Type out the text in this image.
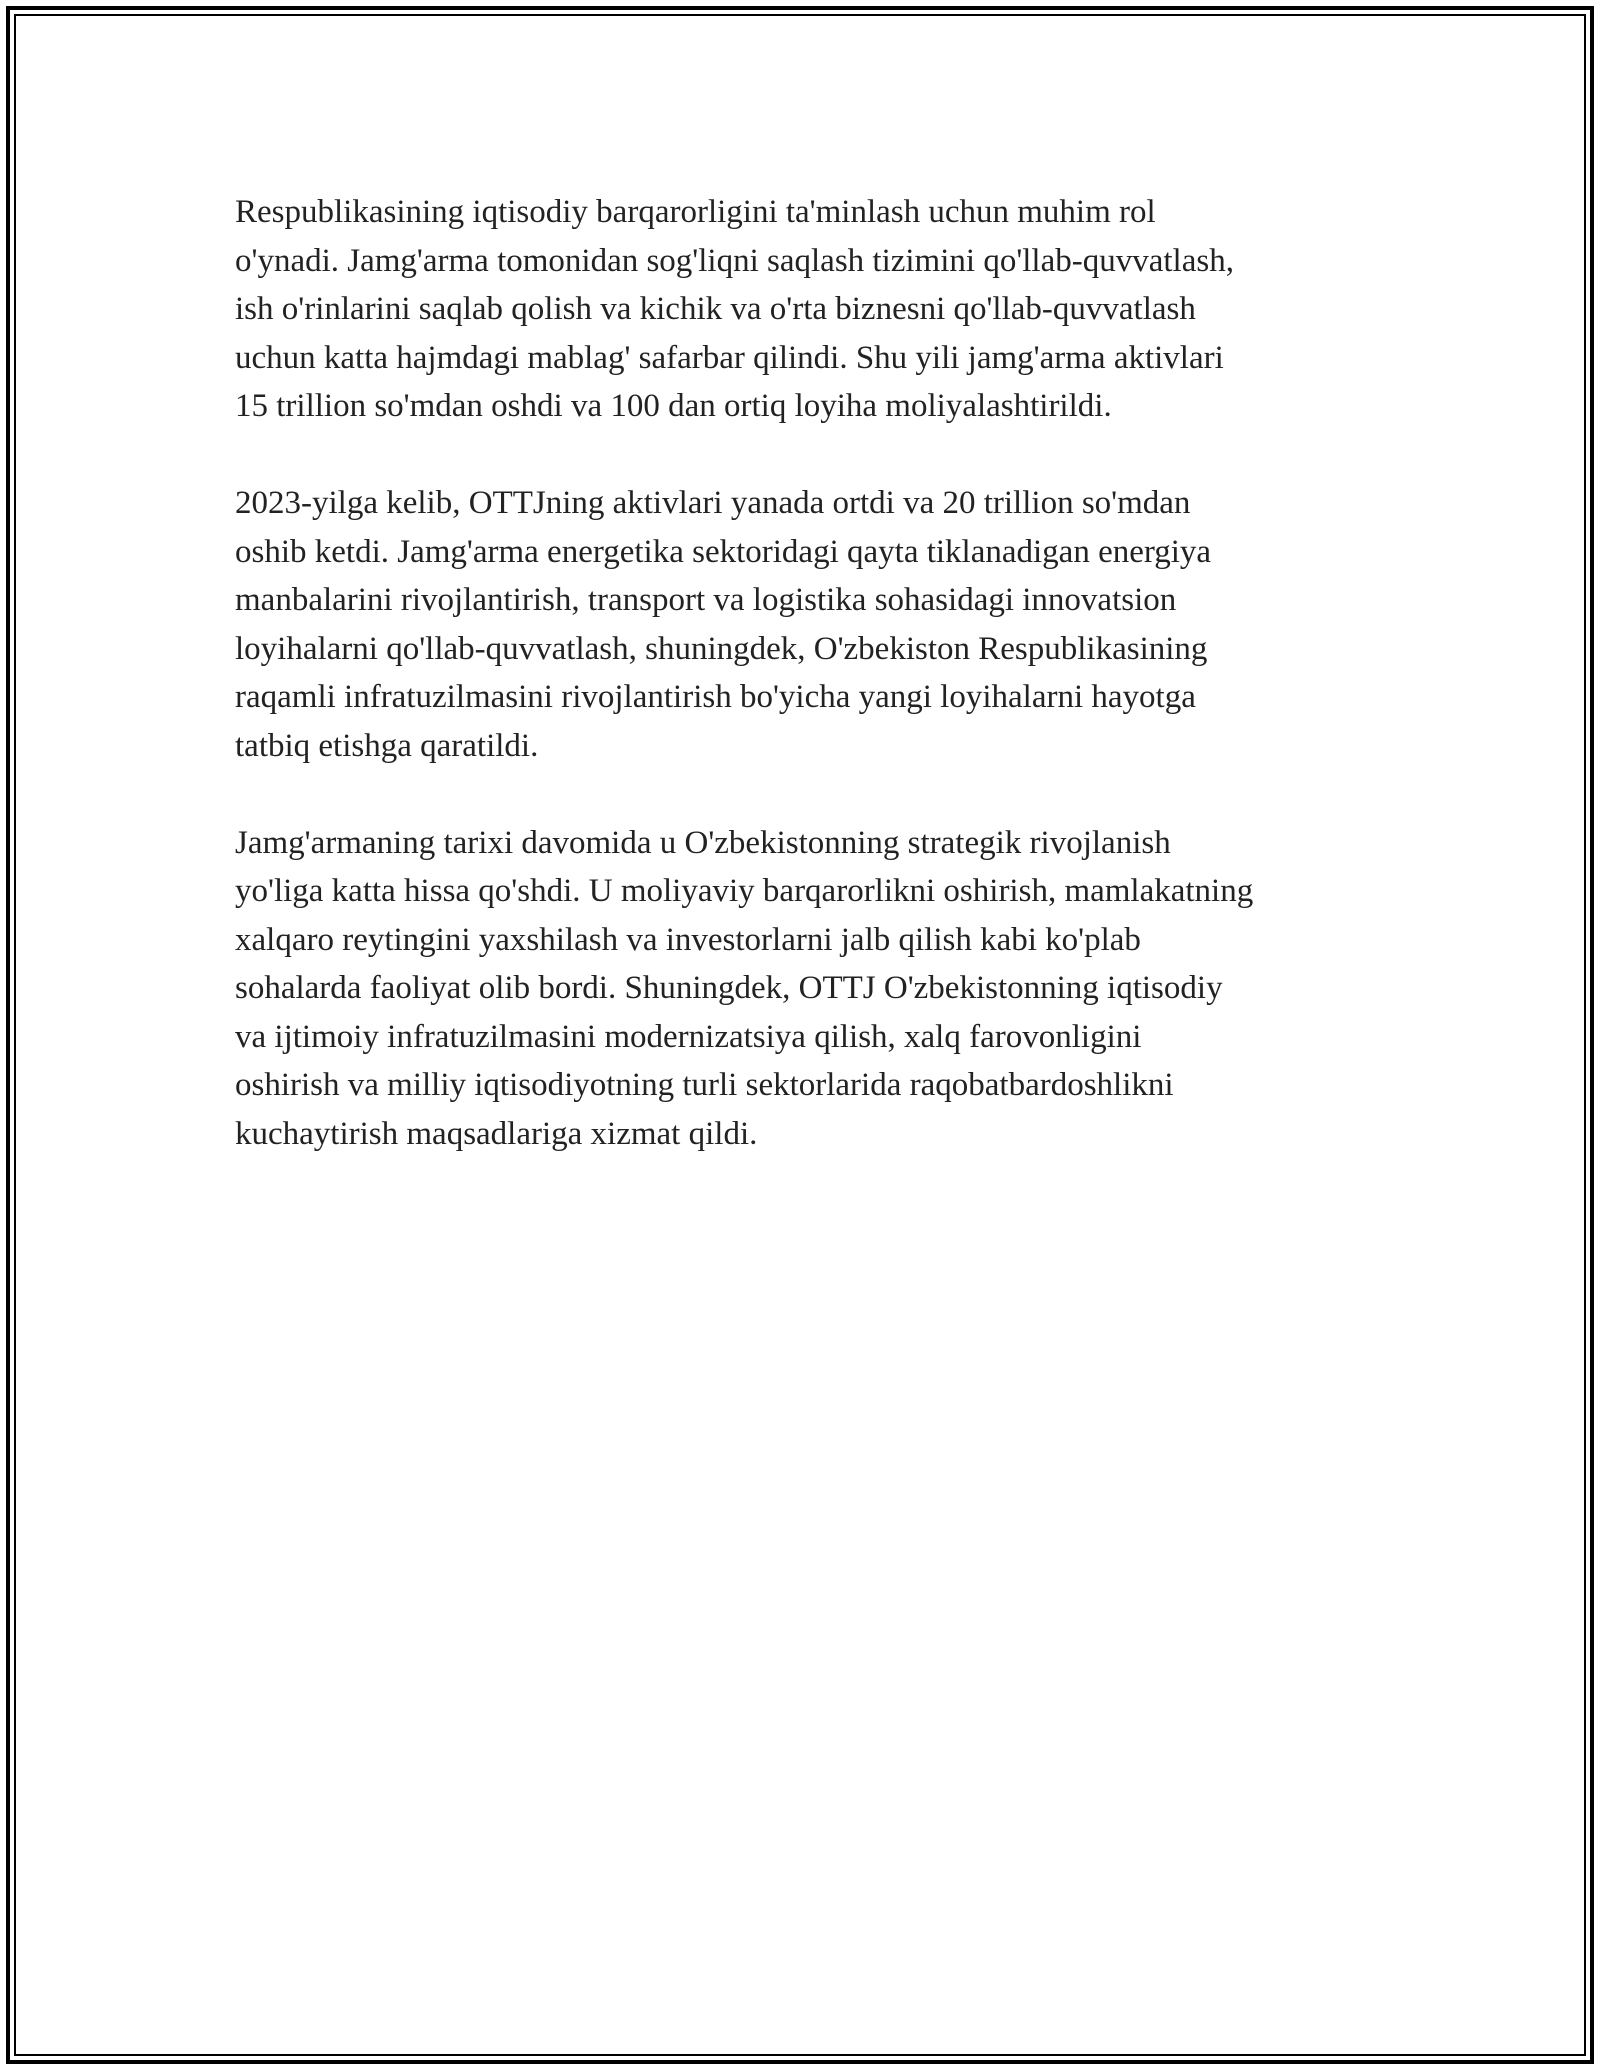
Respublikasining iqtisodiy barqarorligini ta'minlash uchun muhim rol
o'ynadi. Jamg'arma tomonidan sog'liqni saqlash tizimini qo'llab-quvvatlash,
ish o'rinlarini saqlab qolish va kichik va o'rta biznesni qo'llab-quvvatlash
uchun katta hajmdagi mablag' safarbar qilindi. Shu yili jamg'arma aktivlari
15 trillion so'mdan oshdi va 100 dan ortiq loyiha moliyalashtirildi.

2023-yilga kelib, OTTJning aktivlari yanada ortdi va 20 trillion so'mdan
oshib ketdi. Jamg'arma energetika sektoridagi qayta tiklanadigan energiya
manbalarini rivojlantirish, transport va logistika sohasidagi innovatsion
loyihalarni qo'llab-quvvatlash, shuningdek, O'zbekiston Respublikasining
raqamli infratuzilmasini rivojlantirish bo'yicha yangi loyihalarni hayotga
tatbiq etishga qaratildi.

Jamg'armaning tarixi davomida u O'zbekistonning strategik rivojlanish
yo'liga katta hissa qo'shdi. U moliyaviy barqarorlikni oshirish, mamlakatning
xalqaro reytingini yaxshilash va investorlarni jalb qilish kabi ko'plab
sohalarda faoliyat olib bordi. Shuningdek, OTTJ O'zbekistonning iqtisodiy
va ijtimoiy infratuzilmasini modernizatsiya qilish, xalq farovonligini
oshirish va milliy iqtisodiyotning turli sektorlarida raqobatbardoshlikni
kuchaytirish maqsadlariga xizmat qildi.
